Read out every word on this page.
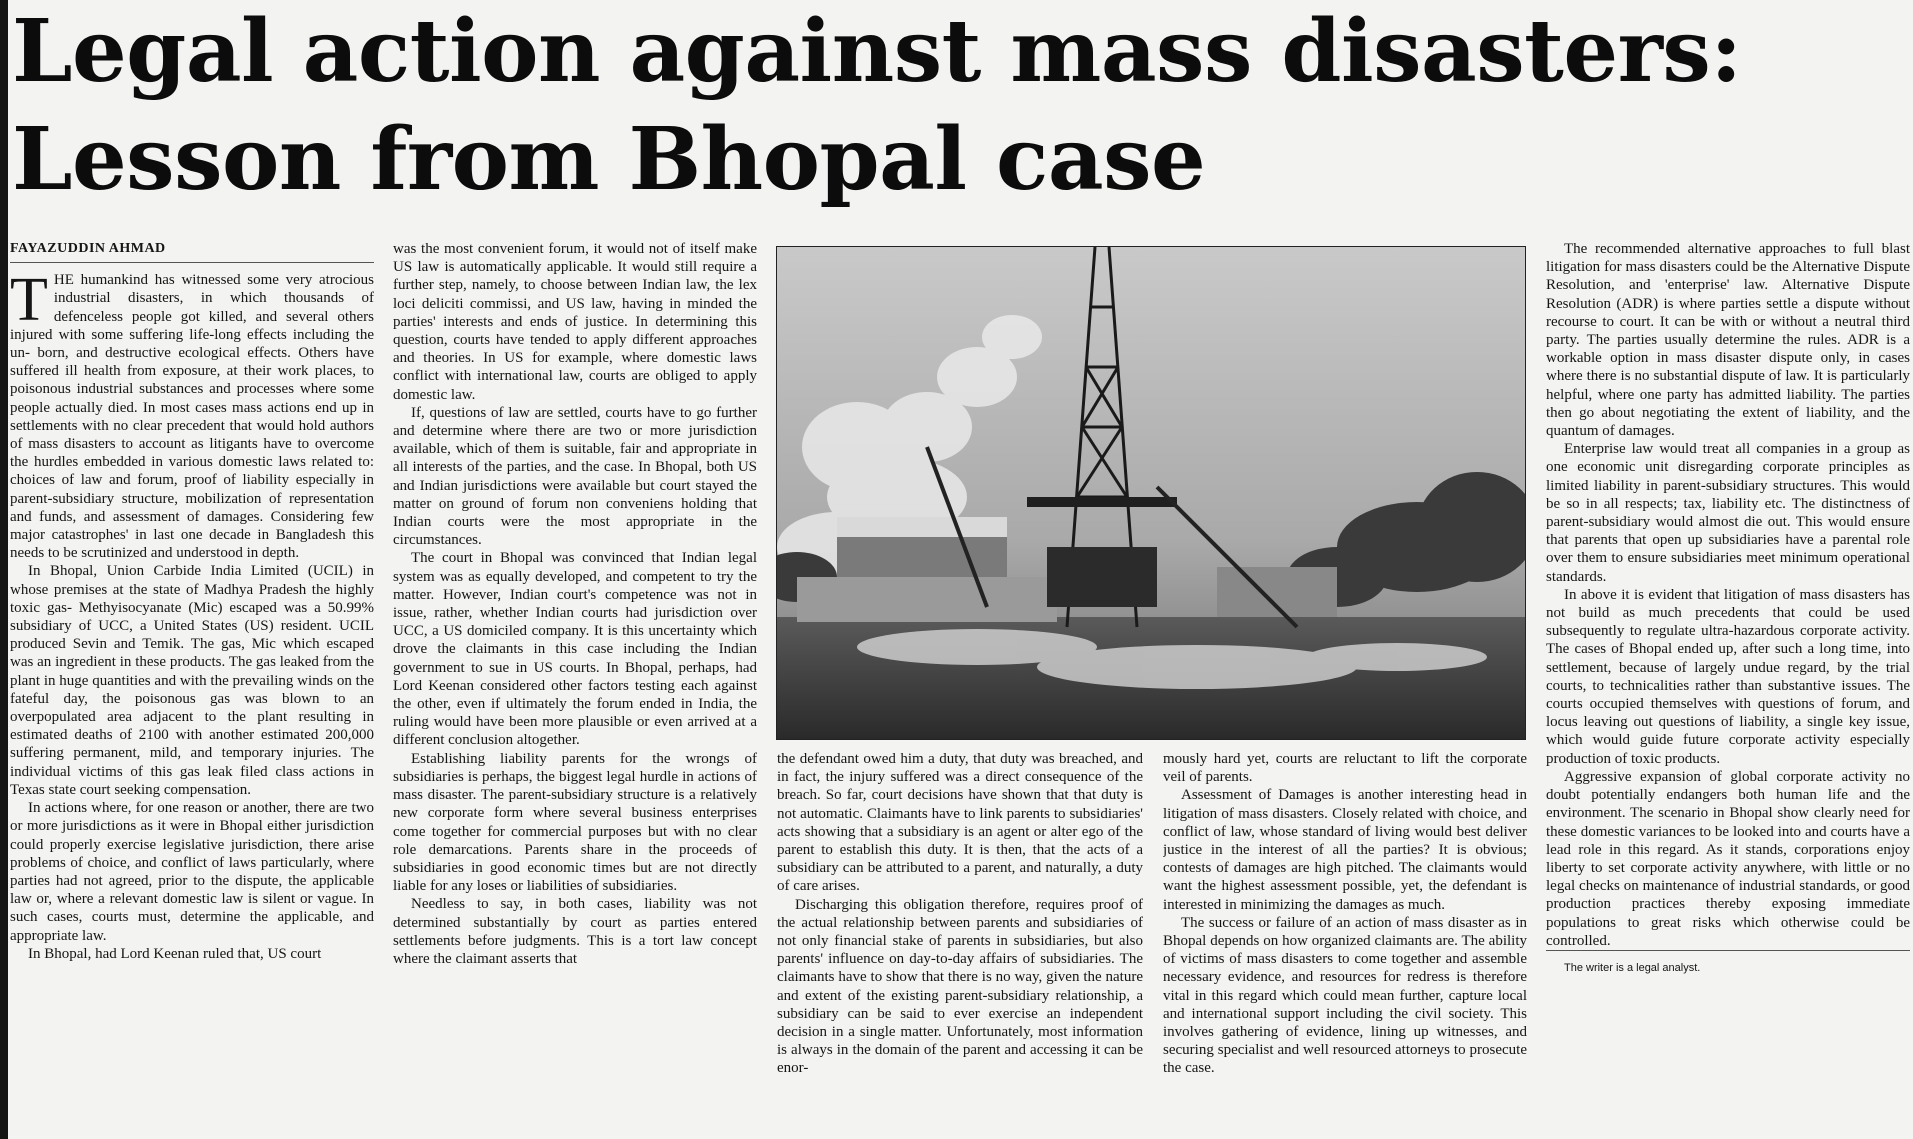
Legal action against mass disasters: Lesson from Bhopal case
FAYAZUDDIN AHMAD

THE humankind has witnessed some very atrocious industrial disasters, in which thousands of defenceless people got killed, and several others injured with some suffering life-long effects including the un- born, and destructive ecological effects. Others have suffered ill health from exposure, at their work places, to poisonous industrial substances and processes where some people actually died. In most cases mass actions end up in settlements with no clear precedent that would hold authors of mass disasters to account as litigants have to overcome the hurdles embedded in various domestic laws related to: choices of law and forum, proof of liability especially in parent-subsidiary structure, mobilization of representation and funds, and assessment of damages. Considering few major catastrophes' in last one decade in Bangladesh this needs to be scrutinized and understood in depth.

In Bhopal, Union Carbide India Limited (UCIL) in whose premises at the state of Madhya Pradesh the highly toxic gas- Methyisocyanate (Mic) escaped was a 50.99% subsidiary of UCC, a United States (US) resident. UCIL produced Sevin and Temik. The gas, Mic which escaped was an ingredient in these products. The gas leaked from the plant in huge quantities and with the prevailing winds on the fateful day, the poisonous gas was blown to an overpopulated area adjacent to the plant resulting in estimated deaths of 2100 with another estimated 200,000 suffering permanent, mild, and temporary injuries. The individual victims of this gas leak filed class actions in Texas state court seeking compensation.

In actions where, for one reason or another, there are two or more jurisdictions as it were in Bhopal either jurisdiction could properly exercise legislative jurisdiction, there arise problems of choice, and conflict of laws particularly, where parties had not agreed, prior to the dispute, the applicable law or, where a relevant domestic law is silent or vague. In such cases, courts must, determine the applicable, and appropriate law.

In Bhopal, had Lord Keenan ruled that, US court

was the most convenient forum, it would not of itself make US law is automatically applicable. It would still require a further step, namely, to choose between Indian law, the lex loci deliciti commissi, and US law, having in minded the parties' interests and ends of justice. In determining this question, courts have tended to apply different approaches and theories. In US for example, where domestic laws conflict with international law, courts are obliged to apply domestic law.

If, questions of law are settled, courts have to go further and determine where there are two or more jurisdiction available, which of them is suitable, fair and appropriate in all interests of the parties, and the case. In Bhopal, both US and Indian jurisdictions were available but court stayed the matter on ground of forum non conveniens holding that Indian courts were the most appropriate in the circumstances.

The court in Bhopal was convinced that Indian legal system was as equally developed, and competent to try the matter. However, Indian court's competence was not in issue, rather, whether Indian courts had jurisdiction over UCC, a US domiciled company. It is this uncertainty which drove the claimants in this case including the Indian government to sue in US courts. In Bhopal, perhaps, had Lord Keenan considered other factors testing each against the other, even if ultimately the forum ended in India, the ruling would have been more plausible or even arrived at a different conclusion altogether.

Establishing liability parents for the wrongs of subsidiaries is perhaps, the biggest legal hurdle in actions of mass disaster. The parent-subsidiary structure is a relatively new corporate form where several business enterprises come together for commercial purposes but with no clear role demarcations. Parents share in the proceeds of subsidiaries in good economic times but are not directly liable for any loses or liabilities of subsidiaries.

Needless to say, in both cases, liability was not determined substantially by court as parties entered settlements before judgments. This is a tort law concept where the claimant asserts that

the defendant owed him a duty, that duty was breached, and in fact, the injury suffered was a direct consequence of the breach. So far, court decisions have shown that that duty is not automatic. Claimants have to link parents to subsidiaries' acts showing that a subsidiary is an agent or alter ego of the parent to establish this duty. It is then, that the acts of a subsidiary can be attributed to a parent, and naturally, a duty of care arises.

Discharging this obligation therefore, requires proof of the actual relationship between parents and subsidiaries of not only financial stake of parents in subsidiaries, but also parents' influence on day-to-day affairs of subsidiaries. The claimants have to show that there is no way, given the nature and extent of the existing parent-subsidiary relationship, a subsidiary can be said to ever exercise an independent decision in a single matter. Unfortunately, most information is always in the domain of the parent and accessing it can be enor-

mously hard yet, courts are reluctant to lift the corporate veil of parents.

Assessment of Damages is another interesting head in litigation of mass disasters. Closely related with choice, and conflict of law, whose standard of living would best deliver justice in the interest of all the parties? It is obvious; contests of damages are high pitched. The claimants would want the highest assessment possible, yet, the defendant is interested in minimizing the damages as much.

The success or failure of an action of mass disaster as in Bhopal depends on how organized claimants are. The ability of victims of mass disasters to come together and assemble necessary evidence, and resources for redress is therefore vital in this regard which could mean further, capture local and international support including the civil society. This involves gathering of evidence, lining up witnesses, and securing specialist and well resourced attorneys to prosecute the case.

The recommended alternative approaches to full blast litigation for mass disasters could be the Alternative Dispute Resolution, and 'enterprise' law. Alternative Dispute Resolution (ADR) is where parties settle a dispute without recourse to court. It can be with or without a neutral third party. The parties usually determine the rules. ADR is a workable option in mass disaster dispute only, in cases where there is no substantial dispute of law. It is particularly helpful, where one party has admitted liability. The parties then go about negotiating the extent of liability, and the quantum of damages.

Enterprise law would treat all companies in a group as one economic unit disregarding corporate principles as limited liability in parent-subsidiary structures. This would be so in all respects; tax, liability etc. The distinctness of parent-subsidiary would almost die out. This would ensure that parents that open up subsidiaries have a parental role over them to ensure subsidiaries meet minimum operational standards.

In above it is evident that litigation of mass disasters has not build as much precedents that could be used subsequently to regulate ultra-hazardous corporate activity. The cases of Bhopal ended up, after such a long time, into settlement, because of largely undue regard, by the trial courts, to technicalities rather than substantive issues. The courts occupied themselves with questions of forum, and locus leaving out questions of liability, a single key issue, which would guide future corporate activity especially production of toxic products.

Aggressive expansion of global corporate activity no doubt potentially endangers both human life and the environment. The scenario in Bhopal show clearly need for these domestic variances to be looked into and courts have a lead role in this regard. As it stands, corporations enjoy liberty to set corporate activity anywhere, with little or no legal checks on maintenance of industrial standards, or good production practices thereby exposing immediate populations to great risks which otherwise could be controlled.

The writer is a legal analyst.
